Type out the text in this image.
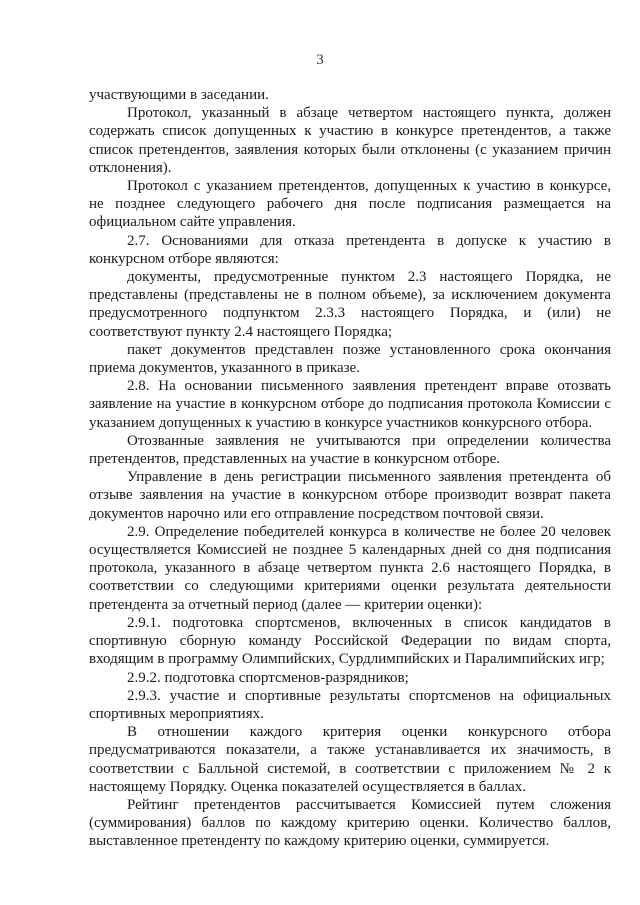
3

участвующими в заседании.

Протокол, указанный в абзаце четвертом настоящего пункта, должен содержать список допущенных к участию в конкурсе претендентов, а также список претендентов, заявления которых были отклонены (с указанием причин отклонения).

Протокол с указанием претендентов, допущенных к участию в конкурсе, не позднее следующего рабочего дня после подписания размещается на официальном сайте управления.

2.7. Основаниями для отказа претендента в допуске к участию в конкурсном отборе являются:

документы, предусмотренные пунктом 2.3 настоящего Порядка, не представлены (представлены не в полном объеме), за исключением документа предусмотренного подпунктом 2.3.3 настоящего Порядка, и (или) не соответствуют пункту 2.4 настоящего Порядка;

пакет документов представлен позже установленного срока окончания приема документов, указанного в приказе.

2.8. На основании письменного заявления претендент вправе отозвать заявление на участие в конкурсном отборе до подписания протокола Комиссии с указанием допущенных к участию в конкурсе участников конкурсного отбора.

Отозванные заявления не учитываются при определении количества претендентов, представленных на участие в конкурсном отборе.

Управление в день регистрации письменного заявления претендента об отзыве заявления на участие в конкурсном отборе производит возврат пакета документов нарочно или его отправление посредством почтовой связи.

2.9. Определение победителей конкурса в количестве не более 20 человек осуществляется Комиссией не позднее 5 календарных дней со дня подписания протокола, указанного в абзаце четвертом пункта 2.6 настоящего Порядка, в соответствии со следующими критериями оценки результата деятельности претендента за отчетный период (далее — критерии оценки):

2.9.1. подготовка спортсменов, включенных в список кандидатов в спортивную сборную команду Российской Федерации по видам спорта, входящим в программу Олимпийских, Сурдлимпийских и Паралимпийских игр;

2.9.2. подготовка спортсменов-разрядников;

2.9.3. участие и спортивные результаты спортсменов на официальных спортивных мероприятиях.

В отношении каждого критерия оценки конкурсного отбора предусматриваются показатели, а также устанавливается их значимость, в соответствии с Балльной системой, в соответствии с приложением № 2 к настоящему Порядку. Оценка показателей осуществляется в баллах.

Рейтинг претендентов рассчитывается Комиссией путем сложения (суммирования) баллов по каждому критерию оценки. Количество баллов, выставленное претенденту по каждому критерию оценки, суммируется.
